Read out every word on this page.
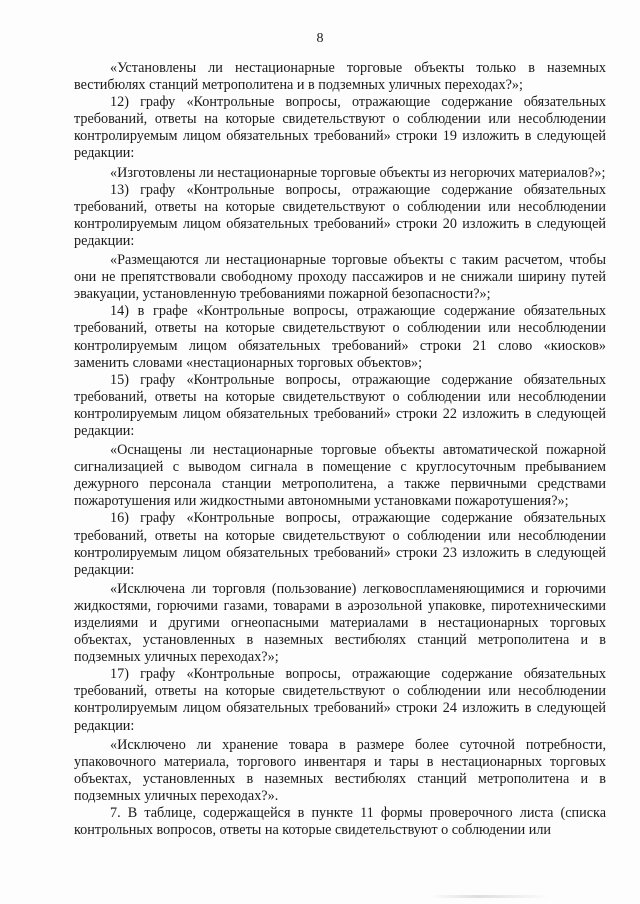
8

«Установлены ли нестационарные торговые объекты только в наземных вестибюлях станций метрополитена и в подземных уличных переходах?»;

12) графу «Контрольные вопросы, отражающие содержание обязательных требований, ответы на которые свидетельствуют о соблюдении или несоблюдении контролируемым лицом обязательных требований» строки 19 изложить в следующей редакции:

«Изготовлены ли нестационарные торговые объекты из негорючих материалов?»;

13) графу «Контрольные вопросы, отражающие содержание обязательных требований, ответы на которые свидетельствуют о соблюдении или несоблюдении контролируемым лицом обязательных требований» строки 20 изложить в следующей редакции:

«Размещаются ли нестационарные торговые объекты с таким расчетом, чтобы они не препятствовали свободному проходу пассажиров и не снижали ширину путей эвакуации, установленную требованиями пожарной безопасности?»;

14) в графе «Контрольные вопросы, отражающие содержание обязательных требований, ответы на которые свидетельствуют о соблюдении или несоблюдении контролируемым лицом обязательных требований» строки 21 слово «киосков» заменить словами «нестационарных торговых объектов»;

15) графу «Контрольные вопросы, отражающие содержание обязательных требований, ответы на которые свидетельствуют о соблюдении или несоблюдении контролируемым лицом обязательных требований» строки 22 изложить в следующей редакции:

«Оснащены ли нестационарные торговые объекты автоматической пожарной сигнализацией с выводом сигнала в помещение с круглосуточным пребыванием дежурного персонала станции метрополитена, а также первичными средствами пожаротушения или жидкостными автономными установками пожаротушения?»;

16) графу «Контрольные вопросы, отражающие содержание обязательных требований, ответы на которые свидетельствуют о соблюдении или несоблюдении контролируемым лицом обязательных требований» строки 23 изложить в следующей редакции:

«Исключена ли торговля (пользование) легковоспламеняющимися и горючими жидкостями, горючими газами, товарами в аэрозольной упаковке, пиротехническими изделиями и другими огнеопасными материалами в нестационарных торговых объектах, установленных в наземных вестибюлях станций метрополитена и в подземных уличных переходах?»;

17) графу «Контрольные вопросы, отражающие содержание обязательных требований, ответы на которые свидетельствуют о соблюдении или несоблюдении контролируемым лицом обязательных требований» строки 24 изложить в следующей редакции:

«Исключено ли хранение товара в размере более суточной потребности, упаковочного материала, торгового инвентаря и тары в нестационарных торговых объектах, установленных в наземных вестибюлях станций метрополитена и в подземных уличных переходах?».

7. В таблице, содержащейся в пункте 11 формы проверочного листа (списка контрольных вопросов, ответы на которые свидетельствуют о соблюдении или
